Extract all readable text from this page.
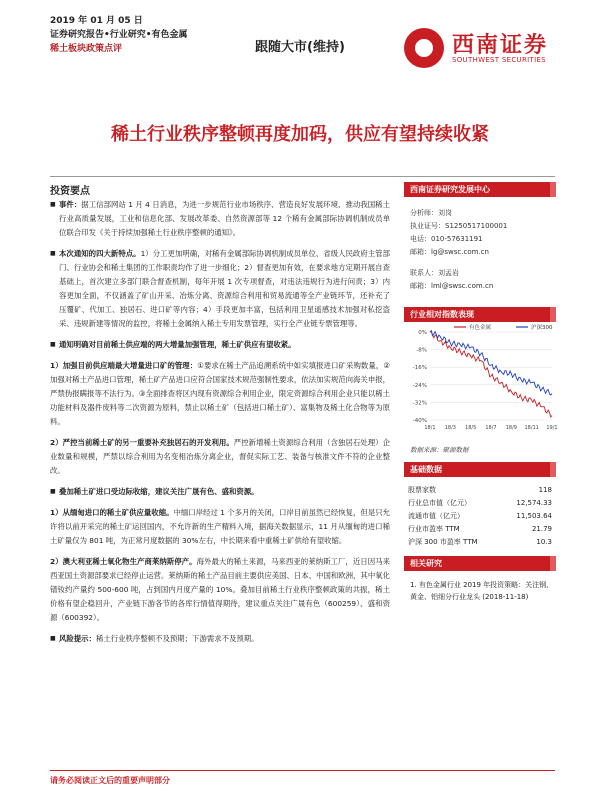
2019 年 01 月 05 日
证券研究报告•行业研究•有色金属
稀土板块政策点评	跟随大市(维持)	西南证券
SOUTHWEST SECURITIES
稀土行业秩序整顿再度加码，供应有望持续收紧
投资要点

■ 事件：据工信部网站 1 月 4 日消息，为进一步规范行业市场秩序、营造良好发展环境、推动我国稀土行业高质量发展，工业和信息化部、发展改革委、自然资源部等 12 个稀有金属部际协调机制成员单位联合印发《关于持续加强稀土行业秩序整顿的通知》。

■ 本次通知的四大新特点。1）分工更加明确，对稀有金属部际协调机制成员单位、省级人民政府主管部门、行业协会和稀土集团的工作职责均作了进一步细化；2）督查更加有效，在要求地方定期开展自查基础上，首次建立多部门联合督查机制，每年开展 1 次专项督查，对违法违规行为进行问责；3）内容更加全面，不仅涵盖了矿山开采、冶炼分离、资源综合利用和贸易流通等全产业链环节，还补充了压覆矿、代加工、独居石、进口矿等内容；4）手段更加丰富，包括利用卫星遥感技术加强对私挖盗采、违规新建等情况的监控，将稀土金属纳入稀土专用发票管理，实行全产业链专票管理等。

■ 通知明确对目前稀土供应端的两大增量加强管理，稀土矿供应有望收紧。

1）加强目前供应端最大增量进口矿的管理：①要求在稀土产品追溯系统中如实填报进口矿采购数量，②加强对稀土产品进口管理，稀土矿产品进口应符合国家技术规范强制性要求，依法加实规范向海关申报，严禁伪报瞒报等不法行为。③全面排查将区内现有资源综合利用企业，限定资源综合利用企业只能以稀土功能材料及器件废料等二次资源为原料，禁止以稀土矿（包括进口稀土矿）、富集物及稀土化合物等为原料。

2）严控当前稀土矿的另一重要补充独居石的开发利用。严控新增稀土资源综合利用（含独居石处理）企业数量和规模，严禁以综合利用为名变相冶炼分离企业，督促实际工艺、装备与核准文件不符的企业整改。

■ 叠加稀土矿进口受边际收缩，建议关注广晟有色、盛和资源。

1）从缅甸进口的稀土矿供应量收缩。中缅口岸经过 1 个多月的关闭，口岸目前虽然已经恢复，但是只允许将以前开采完的稀土矿运回国内，不允许新的生产精料入境，据海关数据显示，11 月从缅甸的进口稀土矿量仅为 801 吨，为正常月度数据的 30%左右，中长期来看中重稀土矿供给有望收缩。

2）澳大利亚稀土氧化物生产商莱纳斯停产。海外最大的稀土来源，马来西亚的莱纳斯工厂，近日因马来西亚国土资源部要求已经停止运营。莱纳斯的稀土产品目前主要供应美国、日本、中国和欧洲，其中氧化镨钕约产量约 500-600 吨，占到国内月度产量的 10%。叠加目前稀土行业秩序整顿政策的共振，稀土价格有望企稳回升，产业链下游各节的各库行情值得期待，建议重点关注广晟有色（600259）、盛和资源（600392）。

■ 风险提示：稀土行业秩序整顿不及预期；下游需求不及预期。

西南证券研究发展中心
分析师：刘岗
执业证号：S1250517100001
电话：010-57631191
邮箱：lg@swsc.com.cn
联系人：刘孟岩
邮箱：lml@swsc.com.cn
行业相对指数表现
0%
-8%
-16%
-24%
-32%
-40%
18/1 18/3 18/5 18/7 18/9 18/11 19/1
有色金属	沪深300
数据来源：聚源数据
基础数据
股票家数	118
行业总市值（亿元）	12,574.33
流通市值（亿元）	11,503.64
行业市盈率 TTM	21.79
沪深 300 市盈率 TTM	10.3
相关研究
1. 有色金属行业 2019 年投资策略：关注钢、黄金、铝细分行业龙头 (2018-11-18)
请务必阅读正文后的重要声明部分
